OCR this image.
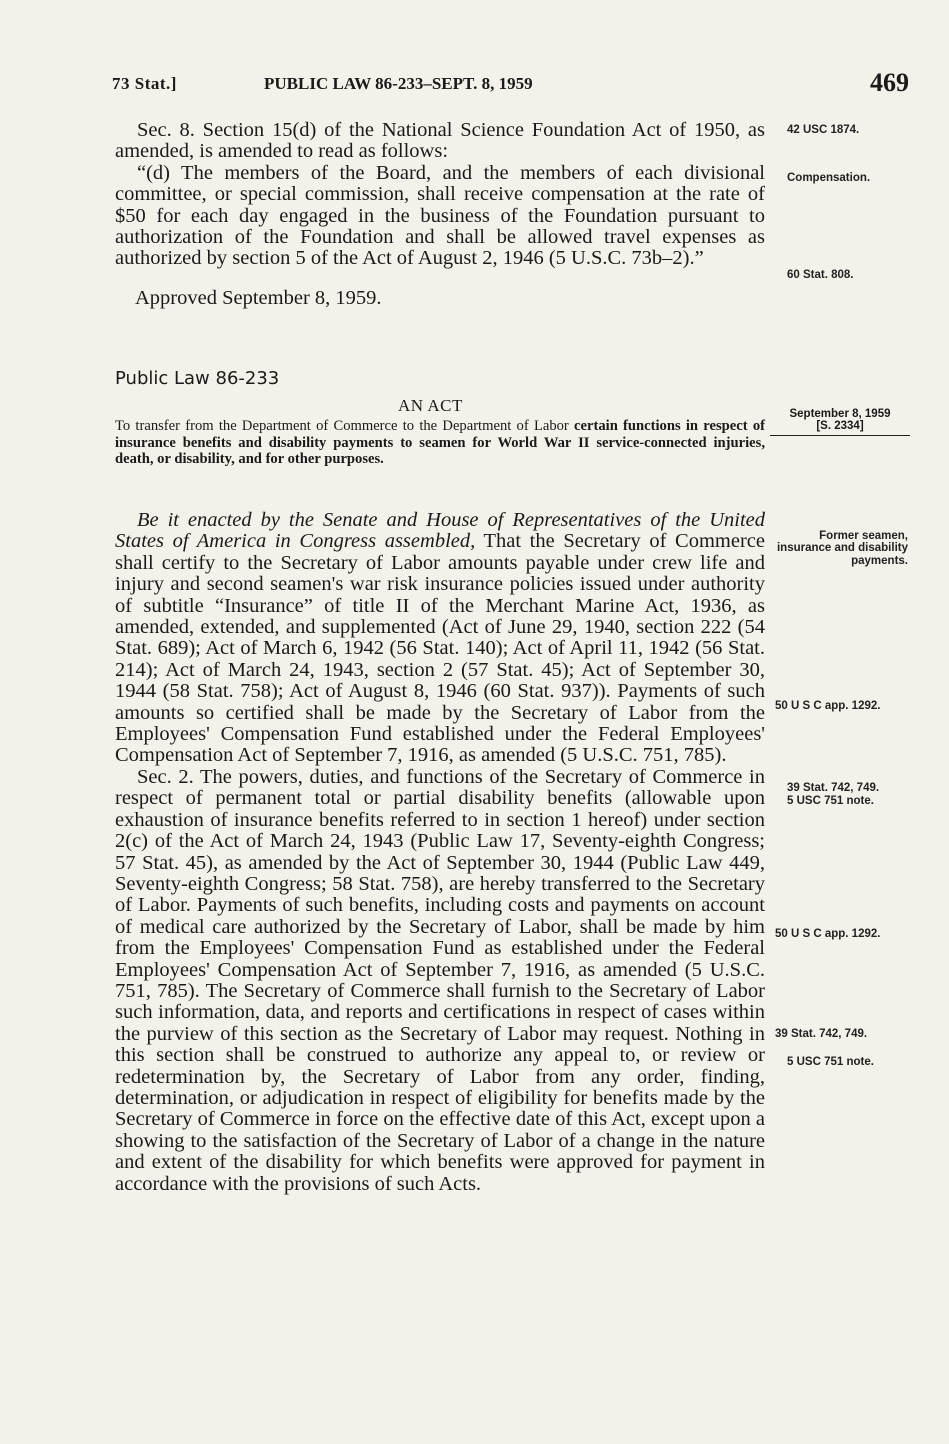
73 Stat.]	PUBLIC LAW 86-233–SEPT. 8, 1959	469

Sec. 8. Section 15(d) of the National Science Foundation Act of 1950, as amended, is amended to read as follows:

“(d) The members of the Board, and the members of each divisional committee, or special commission, shall receive compensation at the rate of $50 for each day engaged in the business of the Foundation pursuant to authorization of the Foundation and shall be allowed travel expenses as authorized by section 5 of the Act of August 2, 1946 (5 U.S.C. 73b–2).”

Approved September 8, 1959.
Public Law 86-233
AN ACT
To transfer from the Department of Commerce to the Department of Labor certain functions in respect of insurance benefits and disability payments to seamen for World War II service-connected injuries, death, or disability, and for other purposes.

Be it enacted by the Senate and House of Representatives of the United States of America in Congress assembled, That the Secretary of Commerce shall certify to the Secretary of Labor amounts payable under crew life and injury and second seamen's war risk insurance policies issued under authority of subtitle “Insurance” of title II of the Merchant Marine Act, 1936, as amended, extended, and supplemented (Act of June 29, 1940, section 222 (54 Stat. 689); Act of March 6, 1942 (56 Stat. 140); Act of April 11, 1942 (56 Stat. 214); Act of March 24, 1943, section 2 (57 Stat. 45); Act of September 30, 1944 (58 Stat. 758); Act of August 8, 1946 (60 Stat. 937)). Payments of such amounts so certified shall be made by the Secretary of Labor from the Employees' Compensation Fund established under the Federal Employees' Compensation Act of September 7, 1916, as amended (5 U.S.C. 751, 785).

Sec. 2. The powers, duties, and functions of the Secretary of Commerce in respect of permanent total or partial disability benefits (allowable upon exhaustion of insurance benefits referred to in section 1 hereof) under section 2(c) of the Act of March 24, 1943 (Public Law 17, Seventy-eighth Congress; 57 Stat. 45), as amended by the Act of September 30, 1944 (Public Law 449, Seventy-eighth Congress; 58 Stat. 758), are hereby transferred to the Secretary of Labor. Payments of such benefits, including costs and payments on account of medical care authorized by the Secretary of Labor, shall be made by him from the Employees' Compensation Fund as established under the Federal Employees' Compensation Act of September 7, 1916, as amended (5 U.S.C. 751, 785). The Secretary of Commerce shall furnish to the Secretary of Labor such information, data, and reports and certifications in respect of cases within the purview of this section as the Secretary of Labor may request. Nothing in this section shall be construed to authorize any appeal to, or review or redetermination by, the Secretary of Labor from any order, finding, determination, or adjudication in respect of eligibility for benefits made by the Secretary of Commerce in force on the effective date of this Act, except upon a showing to the satisfaction of the Secretary of Labor of a change in the nature and extent of the disability for which benefits were approved for payment in accordance with the provisions of such Acts.

42 USC 1874.
Compensation.
60 Stat. 808.
September 8, 1959
[S. 2334]
Former seamen, insurance and disability payments.
50 U S C app. 1292.
39 Stat. 742, 749.
5 USC 751 note.
50 U S C app. 1292.
39 Stat. 742, 749.
5 USC 751 note.
